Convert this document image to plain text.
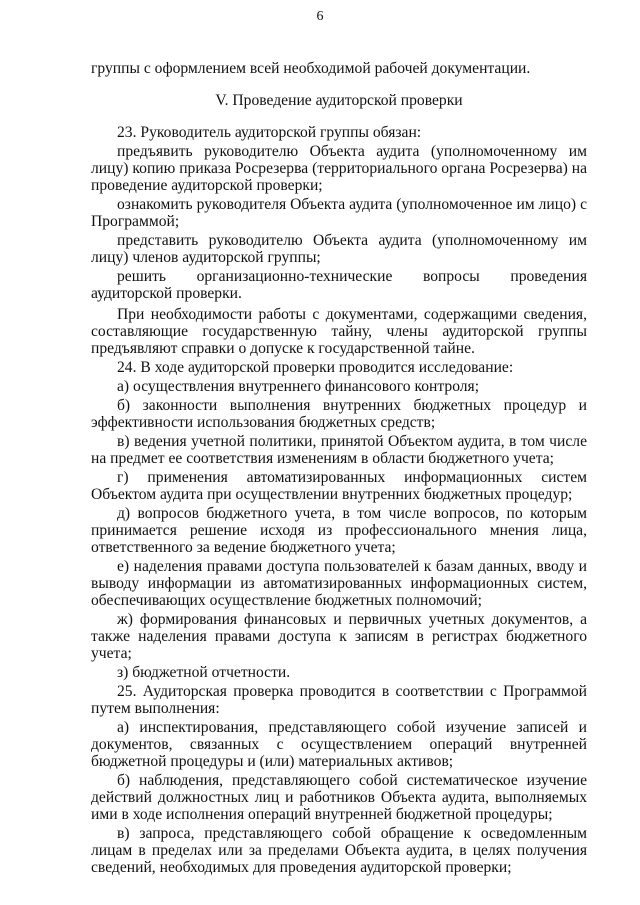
6

группы с оформлением всей необходимой рабочей документации.

V. Проведение аудиторской проверки

23. Руководитель аудиторской группы обязан:

предъявить руководителю Объекта аудита (уполномоченному им лицу) копию приказа Росрезерва (территориального органа Росрезерва) на проведение аудиторской проверки;

ознакомить руководителя Объекта аудита (уполномоченное им лицо) с Программой;

представить руководителю Объекта аудита (уполномоченному им лицу) членов аудиторской группы;

решить организационно-технические вопросы проведения аудиторской проверки.

При необходимости работы с документами, содержащими сведения, составляющие государственную тайну, члены аудиторской группы предъявляют справки о допуске к государственной тайне.

24. В ходе аудиторской проверки проводится исследование:

а) осуществления внутреннего финансового контроля;

б) законности выполнения внутренних бюджетных процедур и эффективности использования бюджетных средств;

в) ведения учетной политики, принятой Объектом аудита, в том числе на предмет ее соответствия изменениям в области бюджетного учета;

г) применения автоматизированных информационных систем Объектом аудита при осуществлении внутренних бюджетных процедур;

д) вопросов бюджетного учета, в том числе вопросов, по которым принимается решение исходя из профессионального мнения лица, ответственного за ведение бюджетного учета;

е) наделения правами доступа пользователей к базам данных, вводу и выводу информации из автоматизированных информационных систем, обеспечивающих осуществление бюджетных полномочий;

ж) формирования финансовых и первичных учетных документов, а также наделения правами доступа к записям в регистрах бюджетного учета;

з) бюджетной отчетности.

25. Аудиторская проверка проводится в соответствии с Программой путем выполнения:

а) инспектирования, представляющего собой изучение записей и документов, связанных с осуществлением операций внутренней бюджетной процедуры и (или) материальных активов;

б) наблюдения, представляющего собой систематическое изучение действий должностных лиц и работников Объекта аудита, выполняемых ими в ходе исполнения операций внутренней бюджетной процедуры;

в) запроса, представляющего собой обращение к осведомленным лицам в пределах или за пределами Объекта аудита, в целях получения сведений, необходимых для проведения аудиторской проверки;
